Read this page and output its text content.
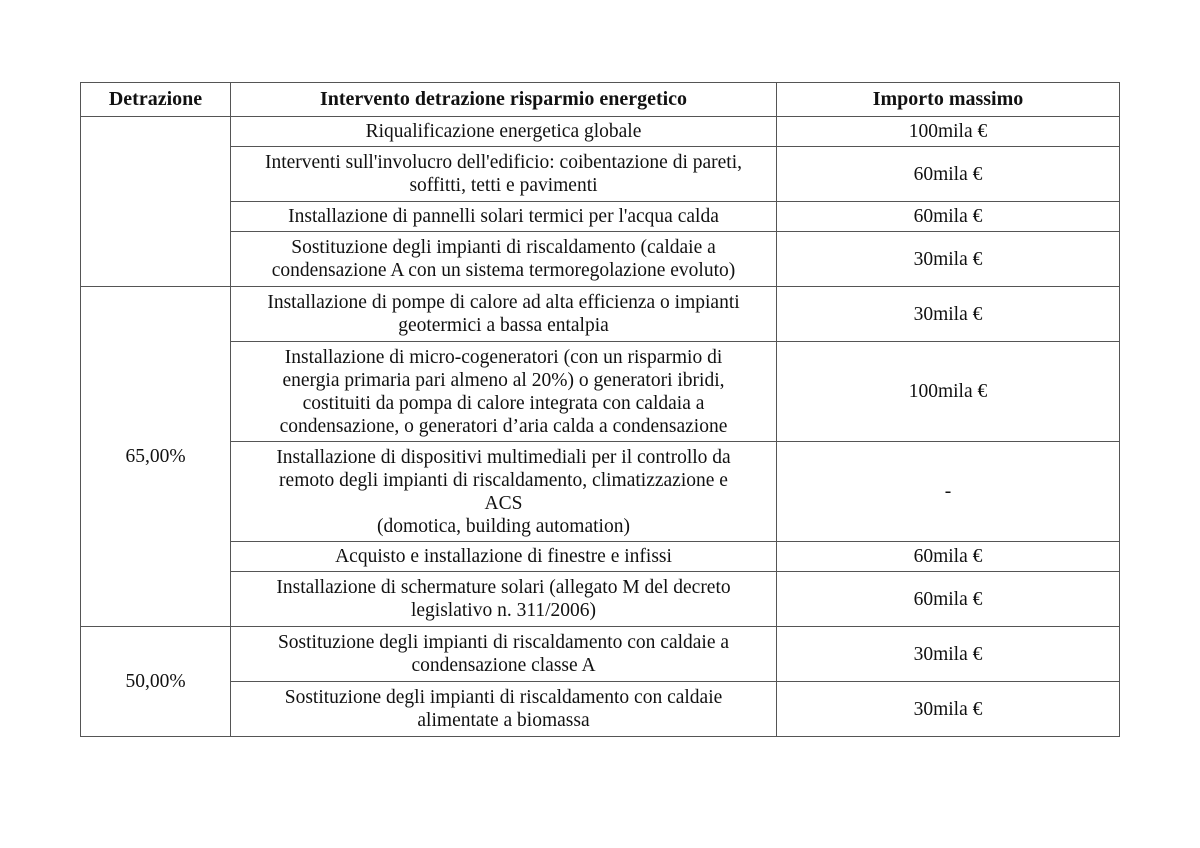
Detrazione	Intervento detrazione risparmio energetico	Importo massimo
	Riqualificazione energetica globale	100mila €
	Interventi sull'involucro dell'edificio: coibentazione di pareti,
soffitti, tetti e pavimenti	60mila €
	Installazione di pannelli solari termici per l'acqua calda	60mila €
	Sostituzione degli impianti di riscaldamento (caldaie a
condensazione A con un sistema termoregolazione evoluto)	30mila €
65,00%	Installazione di pompe di calore ad alta efficienza o impianti
geotermici a bassa entalpia	30mila €
	Installazione di micro-cogeneratori (con un risparmio di
energia primaria pari almeno al 20%) o generatori ibridi,
costituiti da pompa di calore integrata con caldaia a
condensazione, o generatori d’aria calda a condensazione	100mila €
	Installazione di dispositivi multimediali per il controllo da
remoto degli impianti di riscaldamento, climatizzazione e
ACS
(domotica, building automation)	-
	Acquisto e installazione di finestre e infissi	60mila €
	Installazione di schermature solari (allegato M del decreto
legislativo n. 311/2006)	60mila €
50,00%	Sostituzione degli impianti di riscaldamento con caldaie a
condensazione classe A	30mila €
	Sostituzione degli impianti di riscaldamento con caldaie
alimentate a biomassa	30mila €
